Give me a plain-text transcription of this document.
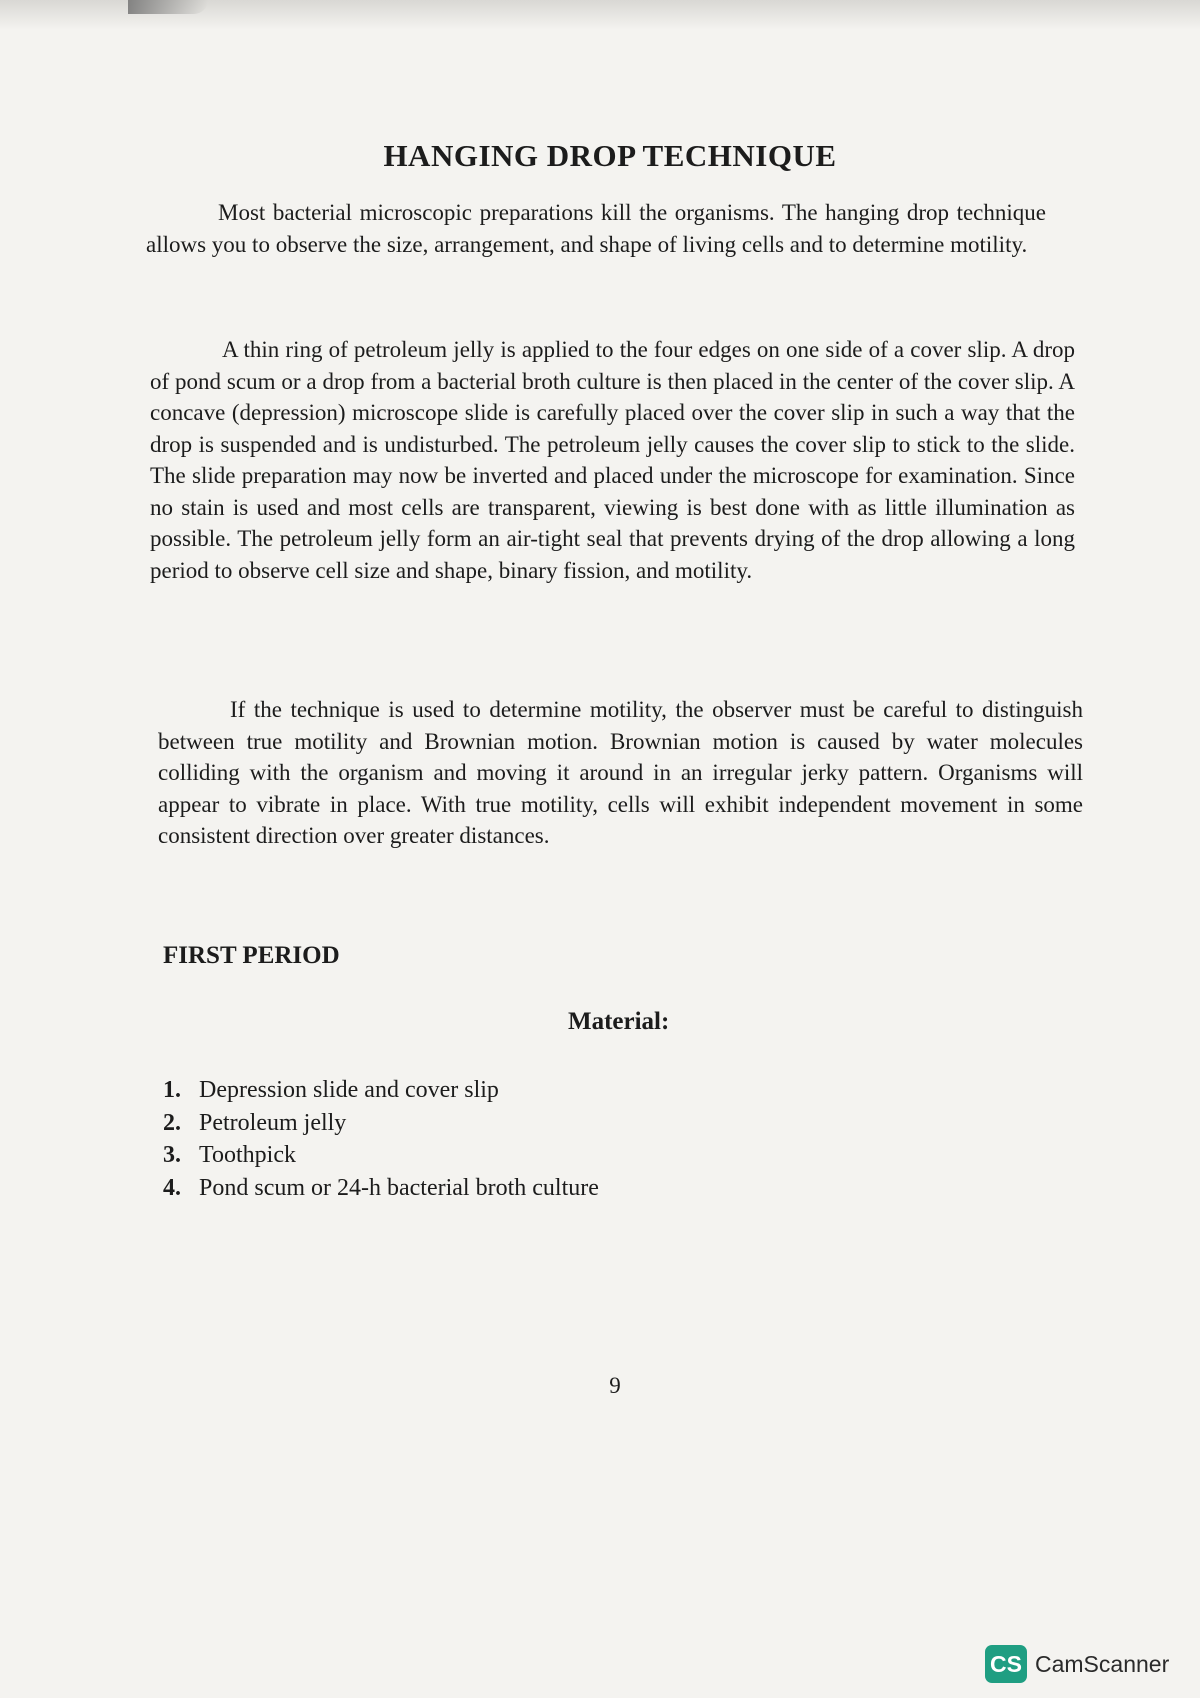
HANGING DROP TECHNIQUE

Most bacterial microscopic preparations kill the organisms. The hanging drop technique allows you to observe the size, arrangement, and shape of living cells and to determine motility.

A thin ring of petroleum jelly is applied to the four edges on one side of a cover slip. A drop of pond scum or a drop from a bacterial broth culture is then placed in the center of the cover slip. A concave (depression) microscope slide is carefully placed over the cover slip in such a way that the drop is suspended and is undisturbed. The petroleum jelly causes the cover slip to stick to the slide. The slide preparation may now be inverted and placed under the microscope for examination. Since no stain is used and most cells are transparent, viewing is best done with as little illumination as possible. The petroleum jelly form an air-tight seal that prevents drying of the drop allowing a long period to observe cell size and shape, binary fission, and motility.

If the technique is used to determine motility, the observer must be careful to distinguish between true motility and Brownian motion. Brownian motion is caused by water molecules colliding with the organism and moving it around in an irregular jerky pattern. Organisms will appear to vibrate in place. With true motility, cells will exhibit independent movement in some consistent direction over greater distances.

FIRST PERIOD
Material:
1. Depression slide and cover slip
2. Petroleum jelly
3. Toothpick
4. Pond scum or 24-h bacterial broth culture

9

CS CamScanner
